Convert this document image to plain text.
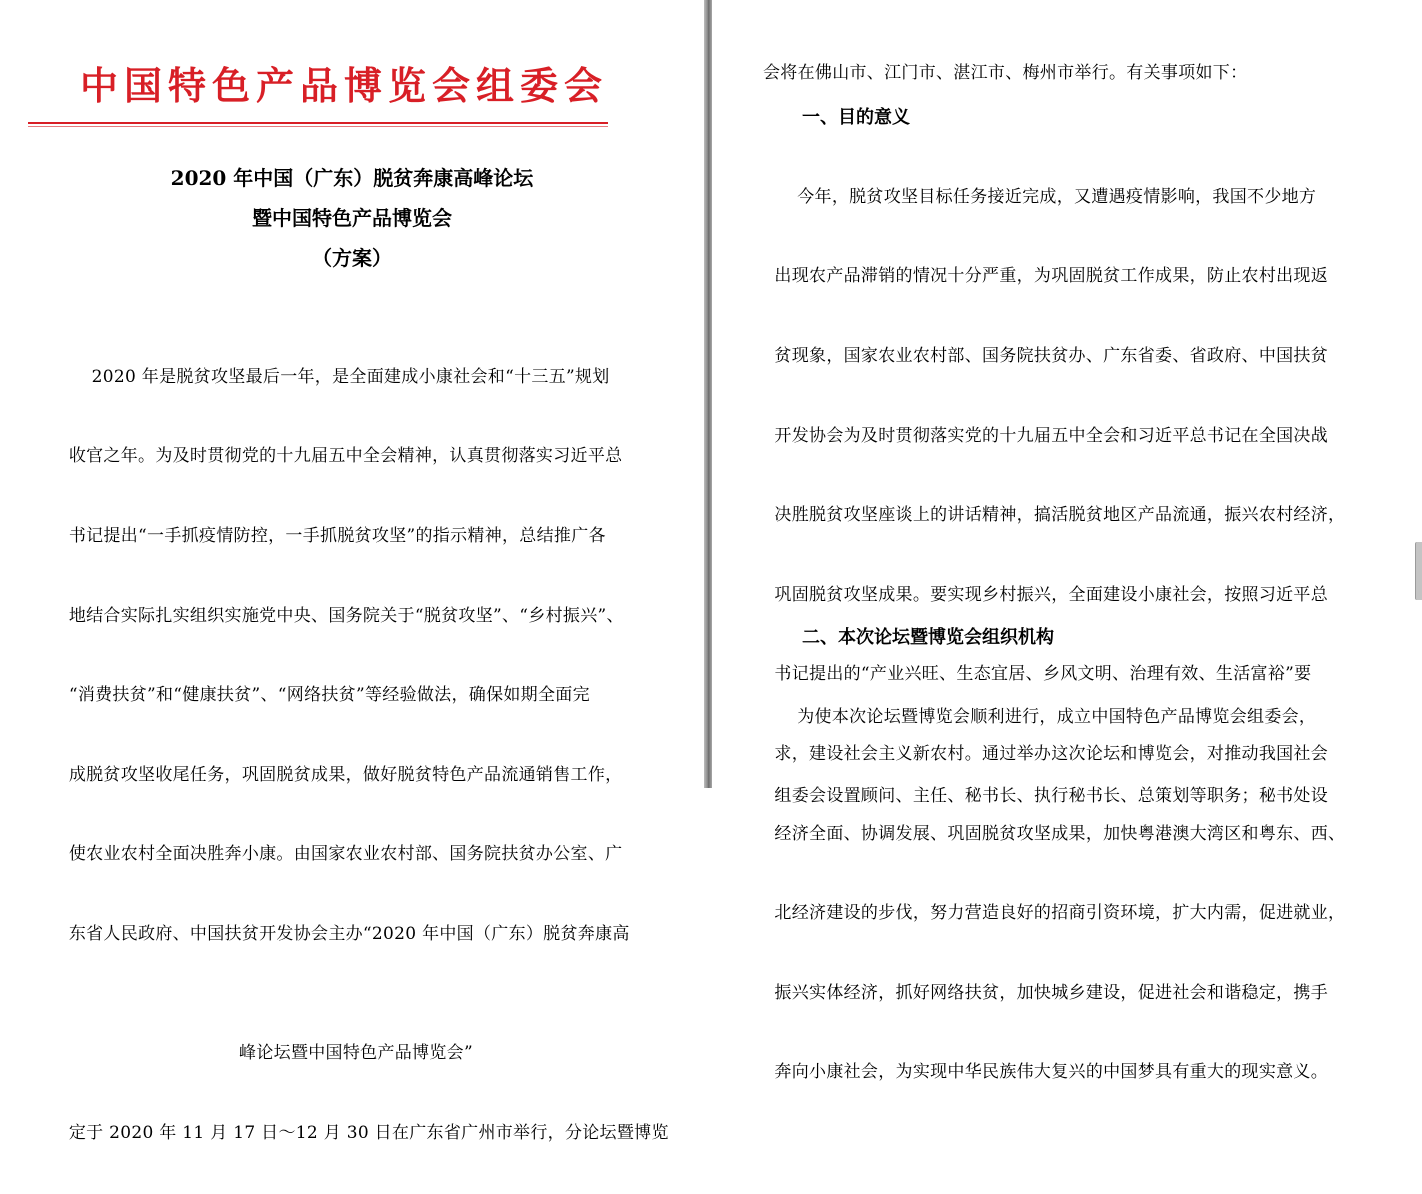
中国特色产品博览会组委会
2020 年中国（广东）脱贫奔康高峰论坛
暨中国特色产品博览会
（方案）

2020 年是脱贫攻坚最后一年，是全面建成小康社会和“十三五”规划

收官之年。为及时贯彻党的十九届五中全会精神，认真贯彻落实习近平总

书记提出“一手抓疫情防控，一手抓脱贫攻坚”的指示精神，总结推广各

地结合实际扎实组织实施党中央、国务院关于“脱贫攻坚”、“乡村振兴”、

“消费扶贫”和“健康扶贫”、“网络扶贫”等经验做法，确保如期全面完

成脱贫攻坚收尾任务，巩固脱贫成果，做好脱贫特色产品流通销售工作，

使农业农村全面决胜奔小康。由国家农业农村部、国务院扶贫办公室、广

东省人民政府、中国扶贫开发协会主办“2020 年中国（广东）脱贫奔康高

峰论坛暨中国特色产品博览会”

定于 2020 年 11 月 17 日～12 月 30 日在广东省广州市举行，分论坛暨博览

会将在佛山市、江门市、湛江市、梅州市举行。有关事项如下：
一、目的意义

今年，脱贫攻坚目标任务接近完成，又遭遇疫情影响，我国不少地方

出现农产品滞销的情况十分严重，为巩固脱贫工作成果，防止农村出现返

贫现象，国家农业农村部、国务院扶贫办、广东省委、省政府、中国扶贫

开发协会为及时贯彻落实党的十九届五中全会和习近平总书记在全国决战

决胜脱贫攻坚座谈上的讲话精神，搞活脱贫地区产品流通，振兴农村经济，

巩固脱贫攻坚成果。要实现乡村振兴，全面建设小康社会，按照习近平总

书记提出的“产业兴旺、生态宜居、乡风文明、治理有效、生活富裕”要

求，建设社会主义新农村。通过举办这次论坛和博览会，对推动我国社会

经济全面、协调发展、巩固脱贫攻坚成果，加快粤港澳大湾区和粤东、西、

北经济建设的步伐，努力营造良好的招商引资环境，扩大内需，促进就业，

振兴实体经济，抓好网络扶贫，加快城乡建设，促进社会和谐稳定，携手

奔向小康社会，为实现中华民族伟大复兴的中国梦具有重大的现实意义。

二、本次论坛暨博览会组织机构

为使本次论坛暨博览会顺利进行，成立中国特色产品博览会组委会，

组委会设置顾问、主任、秘书长、执行秘书长、总策划等职务；秘书处设
